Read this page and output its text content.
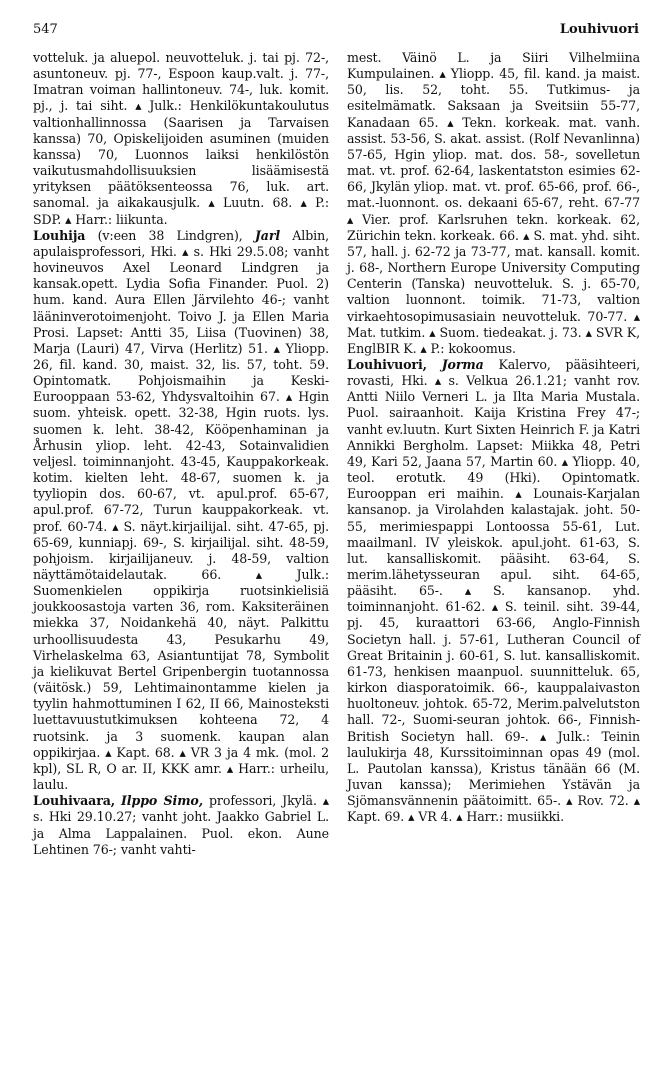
547	Louhivuori

votteluk. ja aluepol. neuvotteluk. j. tai pj. 72-, asuntoneuv. pj. 77-, Espoon kaup.valt. j. 77-, Imatran voiman hallintoneuv. 74-, luk. komit. pj., j. tai siht. ▴ Julk.: Henkilökuntakoulutus valtionhallinnossa (Saarisen ja Tarvaisen kanssa) 70, Opiskelijoiden asuminen (muiden kanssa) 70, Luonnos laiksi henkilöstön vaikutusmahdollisuuksien lisäämisestä yrityksen päätöksenteossa 76, luk. art. sanomal. ja aikakausjulk. ▴ Luutn. 68. ▴ P.: SDP. ▴ Harr.: liikunta.

Louhija (v:een 38 Lindgren), Jarl Albin, apulaisprofessori, Hki. ▴ s. Hki 29.5.08; vanht hovineuvos Axel Leonard Lindgren ja kansak.opett. Lydia Sofia Finander. Puol. 2) hum. kand. Aura Ellen Järvilehto 46-; vanht lääninverotoimenjoht. Toivo J. ja Ellen Maria Prosi. Lapset: Antti 35, Liisa (Tuovinen) 38, Marja (Lauri) 47, Virva (Herlitz) 51. ▴ Yliopp. 26, fil. kand. 30, maist. 32, lis. 57, toht. 59. Opintomatk. Pohjoismaihin ja Keski-Eurooppaan 53-62, Yhdysvaltoihin 67. ▴ Hgin suom. yhteisk. opett. 32-38, Hgin ruots. lys. suomen k. leht. 38-42, Kööpenhaminan ja Århusin yliop. leht. 42-43, Sotainvalidien veljesl. toiminnanjoht. 43-45, Kauppakorkeak. kotim. kielten leht. 48-67, suomen k. ja tyyliopin dos. 60-67, vt. apul.prof. 65-67, apul.prof. 67-72, Turun kauppakorkeak. vt. prof. 60-74. ▴ S. näyt.kirjailijal. siht. 47-65, pj. 65-69, kunniapj. 69-, S. kirjailijal. siht. 48-59, pohjoism. kirjailijaneuv. j. 48-59, valtion näyttämötaidelautak. 66. ▴ Julk.: Suomenkielen oppikirja ruotsinkielisiä joukkoosastoja varten 36, rom. Kaksiteräinen miekka 37, Noidankehä 40, näyt. Palkittu urhoollisuudesta 43, Pesukarhu 49, Virhelaskelma 63, Asiantuntijat 78, Symbolit ja kielikuvat Bertel Gripenbergin tuotannossa (väitösk.) 59, Lehtimainontamme kielen ja tyylin hahmottuminen I 62, II 66, Mainosteksti luettavuustutkimuksen kohteena 72, 4 ruotsink. ja 3 suomenk. kaupan alan oppikirjaa. ▴ Kapt. 68. ▴ VR 3 ja 4 mk. (mol. 2 kpl), SL R, O ar. II, KKK amr. ▴ Harr.: urheilu, laulu.

Louhivaara, Ilppo Simo, professori, Jkylä. ▴ s. Hki 29.10.27; vanht joht. Jaakko Gabriel L. ja Alma Lappalainen. Puol. ekon. Aune Lehtinen 76-; vanht vahti-

mest. Väinö L. ja Siiri Vilhelmiina Kumpulainen. ▴ Yliopp. 45, fil. kand. ja maist. 50, lis. 52, toht. 55. Tutkimus- ja esitelmämatk. Saksaan ja Sveitsiin 55-77, Kanadaan 65. ▴ Tekn. korkeak. mat. vanh. assist. 53-56, S. akat. assist. (Rolf Nevanlinna) 57-65, Hgin yliop. mat. dos. 58-, sovelletun mat. vt. prof. 62-64, laskentatston esimies 62-66, Jkylän yliop. mat. vt. prof. 65-66, prof. 66-, mat.-luonnont. os. dekaani 65-67, reht. 67-77 ▴ Vier. prof. Karlsruhen tekn. korkeak. 62, Zürichin tekn. korkeak. 66. ▴ S. mat. yhd. siht. 57, hall. j. 62-72 ja 73-77, mat. kansall. komit. j. 68-, Northern Europe University Computing Centerin (Tanska) neuvotteluk. S. j. 65-70, valtion luonnont. toimik. 71-73, valtion virkaehtosopimusasiain neuvotteluk. 70-77. ▴ Mat. tutkim. ▴ Suom. tiedeakat. j. 73. ▴ SVR K, EnglBIR K. ▴ P.: kokoomus.

Louhivuori, Jorma Kalervo, pääsihteeri, rovasti, Hki. ▴ s. Velkua 26.1.21; vanht rov. Antti Niilo Verneri L. ja Ilta Maria Mustala. Puol. sairaanhoit. Kaija Kristina Frey 47-; vanht ev.luutn. Kurt Sixten Heinrich F. ja Katri Annikki Bergholm. Lapset: Miikka 48, Petri 49, Kari 52, Jaana 57, Martin 60. ▴ Yliopp. 40, teol. erotutk. 49 (Hki). Opintomatk. Eurooppan eri maihin. ▴ Lounais-Karjalan kansanop. ja Virolahden kalastajak. joht. 50-55, merimiespappi Lontoossa 55-61, Lut. maailmanl. IV yleiskok. apul.joht. 61-63, S. lut. kansalliskomit. pääsiht. 63-64, S. merim.lähetysseuran apul. siht. 64-65, pääsiht. 65-. ▴ S. kansanop. yhd. toiminnanjoht. 61-62. ▴ S. teinil. siht. 39-44, pj. 45, kuraattori 63-66, Anglo-Finnish Societyn hall. j. 57-61, Lutheran Council of Great Britainin j. 60-61, S. lut. kansalliskomit. 61-73, henkisen maanpuol. suunnitteluk. 65, kirkon diasporatoimik. 66-, kauppalaivaston huoltoneuv. johtok. 65-72, Merim.palvelutston hall. 72-, Suomi-seuran johtok. 66-, Finnish-British Societyn hall. 69-. ▴ Julk.: Teinin laulukirja 48, Kurssitoiminnan opas 49 (mol. L. Pautolan kanssa), Kristus tänään 66 (M. Juvan kanssa); Merimiehen Ystävän ja Sjömansvännenin päätoimitt. 65-. ▴ Rov. 72. ▴ Kapt. 69. ▴ VR 4. ▴ Harr.: musiikki.
